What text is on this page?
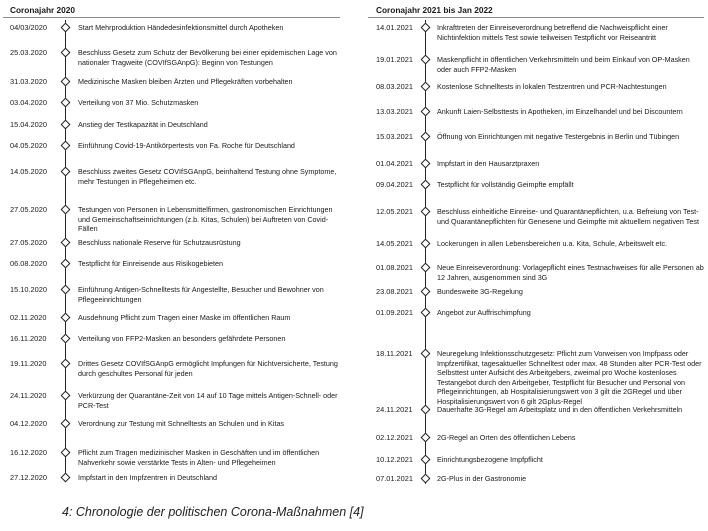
Coronajahr 2020
04/03/2020	Start Mehrproduktion Händedesinfektionsmittel durch Apotheken
25.03.2020	Beschluss Gesetz zum Schutz der Bevölkerung bei einer epidemischen Lage von nationaler Tragweite (COVIfSGAnpG): Beginn von Testungen
31.03.2020	Medizinische Masken bleiben Ärzten und Pflegekräften vorbehalten
03.04.2020	Verteilung von 37 Mio. Schutzmasken
15.04.2020	Anstieg der Testkapazität in Deutschland
04.05.2020	Einführung Covid-19-Antikörpertests von Fa. Roche für Deutschland
14.05.2020	Beschluss zweites Gesetz COVIfSGAnpG, beinhaltend Testung ohne Symptome, mehr Testungen in Pflegeheimen etc.
27.05.2020	Testungen von Personen in Lebensmittelfirmen, gastronomischen Einrichtungen und Gemeinschaftseinrichtungen (z.b. Kitas, Schulen) bei Auftreten von Covid-Fällen
27.05.2020	Beschluss nationale Reserve für Schutzausrüstung
06.08.2020	Testpflicht für Einreisende aus Risikogebieten
15.10.2020	Einführung Antigen-Schnelltests für Angestellte, Besucher und Bewohner von Pflegeeinrichtungen
02.11.2020	Ausdehnung Pflicht zum Tragen einer Maske im öffentlichen Raum
16.11.2020	Verteilung von FFP2-Masken an besonders gefährdete Personen
19.11.2020	Drittes Gesetz COVIfSGAnpG ermöglicht Impfungen für Nichtversicherte, Testung durch geschultes Personal für jeden
24.11.2020	Verkürzung der Quarantäne-Zeit von 14 auf 10 Tage mittels Antigen-Schnell- oder PCR-Test
04.12.2020	Verordnung zur Testung mit Schnelltests an Schulen und in Kitas
16.12.2020	Pflicht zum Tragen medizinischer Masken in Geschäften und im öffentlichen Nahverkehr sowie verstärkte Tests in Alten- und Pflegeheimen
27.12.2020	Impfstart in den Impfzentren in Deutschland
Coronajahr 2021 bis Jan 2022
14.01.2021	Inkrafttreten der Einreiseverordnung betreffend die Nachweispflicht einer Nichtinfektion mittels Test sowie teilweisen Testpflicht vor Reiseantritt
19.01.2021	Maskenpflicht in öffentlichen Verkehrsmitteln und beim Einkauf von OP-Masken oder auch FFP2-Masken
08.03.2021	Kostenlose Schnelltests in lokalen Testzentren und PCR-Nachtestungen
13.03.2021	Ankunft Laien-Selbsttests in Apotheken, im Einzelhandel und bei Discountern
15.03.2021	Öffnung von Einrichtungen mit negative Testergebnis in Berlin und Tübingen
01.04.2021	Impfstart in den Hausarztpraxen
09.04.2021	Testpflicht für vollständig Geimpfte empfällt
12.05.2021	Beschluss einheitliche Einreise- und Quarantänepflichten, u.a. Befreiung von Test- und Quarantänepflichten für Genesene und Geimpfte mit aktuellem negativen Test
14.05.2021	Lockerungen in allen Lebensbereichen u.a. Kita, Schule, Arbeitswelt etc.
01.08.2021	Neue Einreiseverordnung: Vorlagepflicht eines Testnachweises für alle Personen ab 12 Jahren, ausgenommen sind 3G
23.08.2021	Bundesweite 3G-Regelung
01.09.2021	Angebot zur Auffrischimpfung
18.11.2021	Neuregelung Infektionsschutzgesetz: Pflicht zum Vorweisen von Impfpass oder Impfzertifikat, tagesaktueller Schnelltest oder max. 48 Stunden alter PCR-Test oder Selbsttest unter Aufsicht des Arbeitgebers, zweimal pro Woche kostenloses Testangebot durch den Arbeitgeber, Testpflicht für Besucher und Personal von Pflegeinrichtungen, ab Hospitalisierungswert von 3 gilt die 2GRegel und über Hospitalisierungswert von 6 gilt 2Gplus-Regel
24.11.2021	Dauerhafte 3G-Regel am Arbeitsplatz und in den öffentlichen Verkehrsmitteln
02.12.2021	2G-Regel an Orten des öffentlichen Lebens
10.12.2021	Einrichtungsbezogene Impfpflicht
07.01.2021	2G-Plus in der Gastronomie
4: Chronologie der politischen Corona-Maßnahmen [4]
